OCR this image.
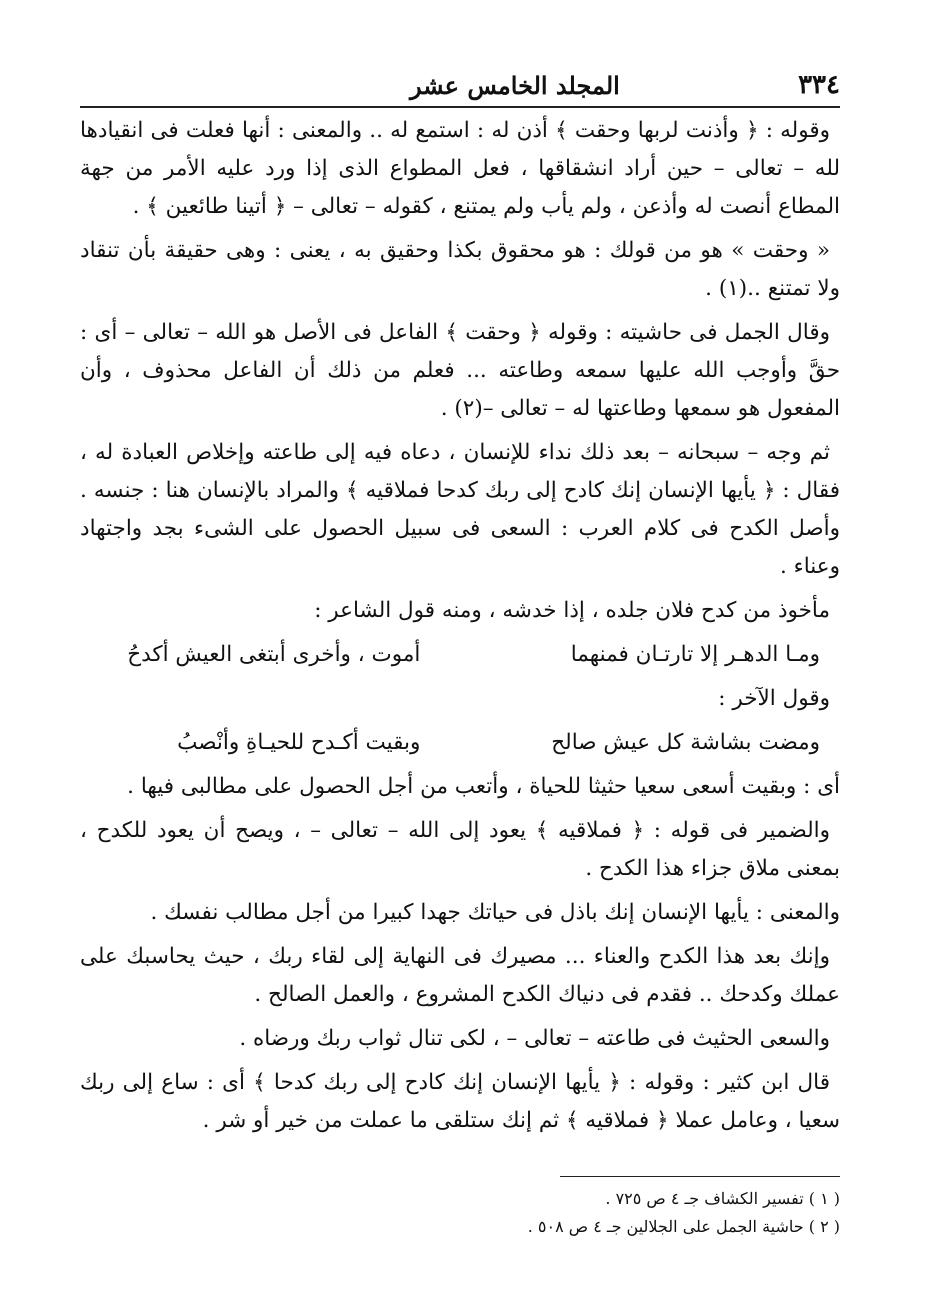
٣٣٤
المجلد الخامس عشر

وقوله : ﴿ وأذنت لربها وحقت ﴾ أذن له : استمع له .. والمعنى : أنها فعلت فى انقيادها لله – تعالى – حين أراد انشقاقها ، فعل المطواع الذى إذا ورد عليه الأمر من جهة المطاع أنصت له وأذعن ، ولم يأب ولم يمتنع ، كقوله – تعالى – ﴿ أتينا طائعين ﴾ .

« وحقت » هو من قولك : هو محقوق بكذا وحقيق به ، يعنى : وهى حقيقة بأن تنقاد ولا تمتنع ..(١) .

وقال الجمل فى حاشيته : وقوله ﴿ وحقت ﴾ الفاعل فى الأصل هو الله – تعالى – أى : حقَّ وأوجب الله عليها سمعه وطاعته ... فعلم من ذلك أن الفاعل محذوف ، وأن المفعول هو سمعها وطاعتها له – تعالى –(٢) .

ثم وجه – سبحانه – بعد ذلك نداء للإنسان ، دعاه فيه إلى طاعته وإخلاص العبادة له ، فقال : ﴿ يأيها الإنسان إنك كادح إلى ربك كدحا فملاقيه ﴾ والمراد بالإنسان هنا : جنسه . وأصل الكدح فى كلام العرب : السعى فى سبيل الحصول على الشىء بجد واجتهاد وعناء .

مأخوذ من كدح فلان جلده ، إذا خدشه ، ومنه قول الشاعر :

ومـا الدهـر إلا تارتـان فمنهما
أموت ، وأخرى أبتغى العيش أكدحُ

وقول الآخر :

ومضت بشاشة كل عيش صالح
وبقيت أكـدح للحيـاةِ وأنْصبُ

أى : وبقيت أسعى سعيا حثيثا للحياة ، وأتعب من أجل الحصول على مطالبى فيها .

والضمير فى قوله : ﴿ فملاقيه ﴾ يعود إلى الله – تعالى – ، ويصح أن يعود للكدح ، بمعنى ملاق جزاء هذا الكدح .

والمعنى : يأيها الإنسان إنك باذل فى حياتك جهدا كبيرا من أجل مطالب نفسك .

وإنك بعد هذا الكدح والعناء ... مصيرك فى النهاية إلى لقاء ربك ، حيث يحاسبك على عملك وكدحك .. فقدم فى دنياك الكدح المشروع ، والعمل الصالح .

والسعى الحثيث فى طاعته – تعالى – ، لكى تنال ثواب ربك ورضاه .

قال ابن كثير : وقوله : ﴿ يأيها الإنسان إنك كادح إلى ربك كدحا ﴾ أى : ساع إلى ربك سعيا ، وعامل عملا ﴿ فملاقيه ﴾ ثم إنك ستلقى ما عملت من خير أو شر .

( ١ ) تفسير الكشاف جـ ٤ ص ٧٢٥ .
( ٢ ) حاشية الجمل على الجلالين جـ ٤ ص ٥٠٨ .
